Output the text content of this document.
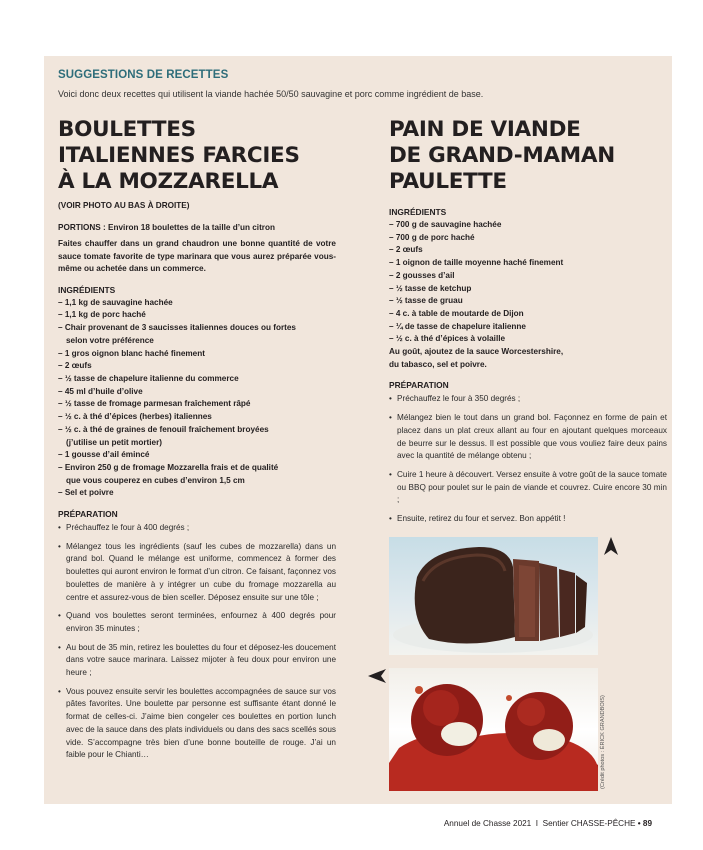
SUGGESTIONS DE RECETTES
Voici donc deux recettes qui utilisent la viande hachée 50/50 sauvagine et porc comme ingrédient de base.
BOULETTES
ITALIENNES FARCIES
À LA MOZZARELLA
(VOIR PHOTO AU BAS À DROITE)
PORTIONS : Environ 18 boulettes de la taille d’un citron
Faites chauffer dans un grand chaudron une bonne quantité de votre sauce tomate favorite de type marinara que vous aurez préparée vous-même ou achetée dans un commerce.
INGRÉDIENTS
– 1,1 kg de sauvagine hachée
– 1,1 kg de porc haché
– Chair provenant de 3 saucisses italiennes douces ou fortes
selon votre préférence
– 1 gros oignon blanc haché finement
– 2 œufs
– ½ tasse de chapelure italienne du commerce
– 45 ml d’huile d’olive
– ½ tasse de fromage parmesan fraîchement râpé
– ½ c. à thé d’épices (herbes) italiennes
– ½ c. à thé de graines de fenouil fraîchement broyées
(j’utilise un petit mortier)
– 1 gousse d’ail émincé
– Environ 250 g de fromage Mozzarella frais et de qualité
que vous couperez en cubes d’environ 1,5 cm
– Sel et poivre
PRÉPARATION
• Préchauffez le four à 400 degrés ;
• Mélangez tous les ingrédients (sauf les cubes de mozzarella) dans un grand bol. Quand le mélange est uniforme, commencez à former des boulettes qui auront environ le format d’un citron. Ce faisant, façonnez vos boulettes de manière à y intégrer un cube du fromage mozzarella au centre et assurez-vous de bien sceller. Déposez ensuite sur une tôle ;
• Quand vos boulettes seront terminées, enfournez à 400 degrés pour environ 35 minutes ;
• Au bout de 35 min, retirez les boulettes du four et déposez-les doucement dans votre sauce marinara. Laissez mijoter à feu doux pour environ une heure ;
• Vous pouvez ensuite servir les boulettes accompagnées de sauce sur vos pâtes favorites. Une boulette par personne est suffisante étant donné le format de celles-ci. J’aime bien congeler ces boulettes en portion lunch avec de la sauce dans des plats individuels ou dans des sacs scellés sous vide. S’accompagne très bien d’une bonne bouteille de rouge. J’ai un faible pour le Chianti…
PAIN DE VIANDE
DE GRAND-MAMAN
PAULETTE
INGRÉDIENTS
– 700 g de sauvagine hachée
– 700 g de porc haché
– 2 œufs
– 1 oignon de taille moyenne haché finement
– 2 gousses d’ail
– ½ tasse de ketchup
– ½ tasse de gruau
– 4 c. à table de moutarde de Dijon
– ¼ de tasse de chapelure italienne
– ½ c. à thé d’épices à volaille
Au goût, ajoutez de la sauce Worcestershire,
du tabasco, sel et poivre.
PRÉPARATION
• Préchauffez le four à 350 degrés ;
• Mélangez bien le tout dans un grand bol. Façonnez en forme de pain et placez dans un plat creux allant au four en ajoutant quelques morceaux de beurre sur le dessus. Il est possible que vous vouliez faire deux pains avec la quantité de mélange obtenu ;
• Cuire 1 heure à découvert. Versez ensuite à votre goût de la sauce tomate ou BBQ pour poulet sur le pain de viande et couvrez. Cuire encore 30 min ;
• Ensuite, retirez du four et servez. Bon appétit !
(Crédit photos : ÉRICK GRANDBOIS)
Annuel de Chasse 2021 I Sentier CHASSE-PÊCHE • 89
